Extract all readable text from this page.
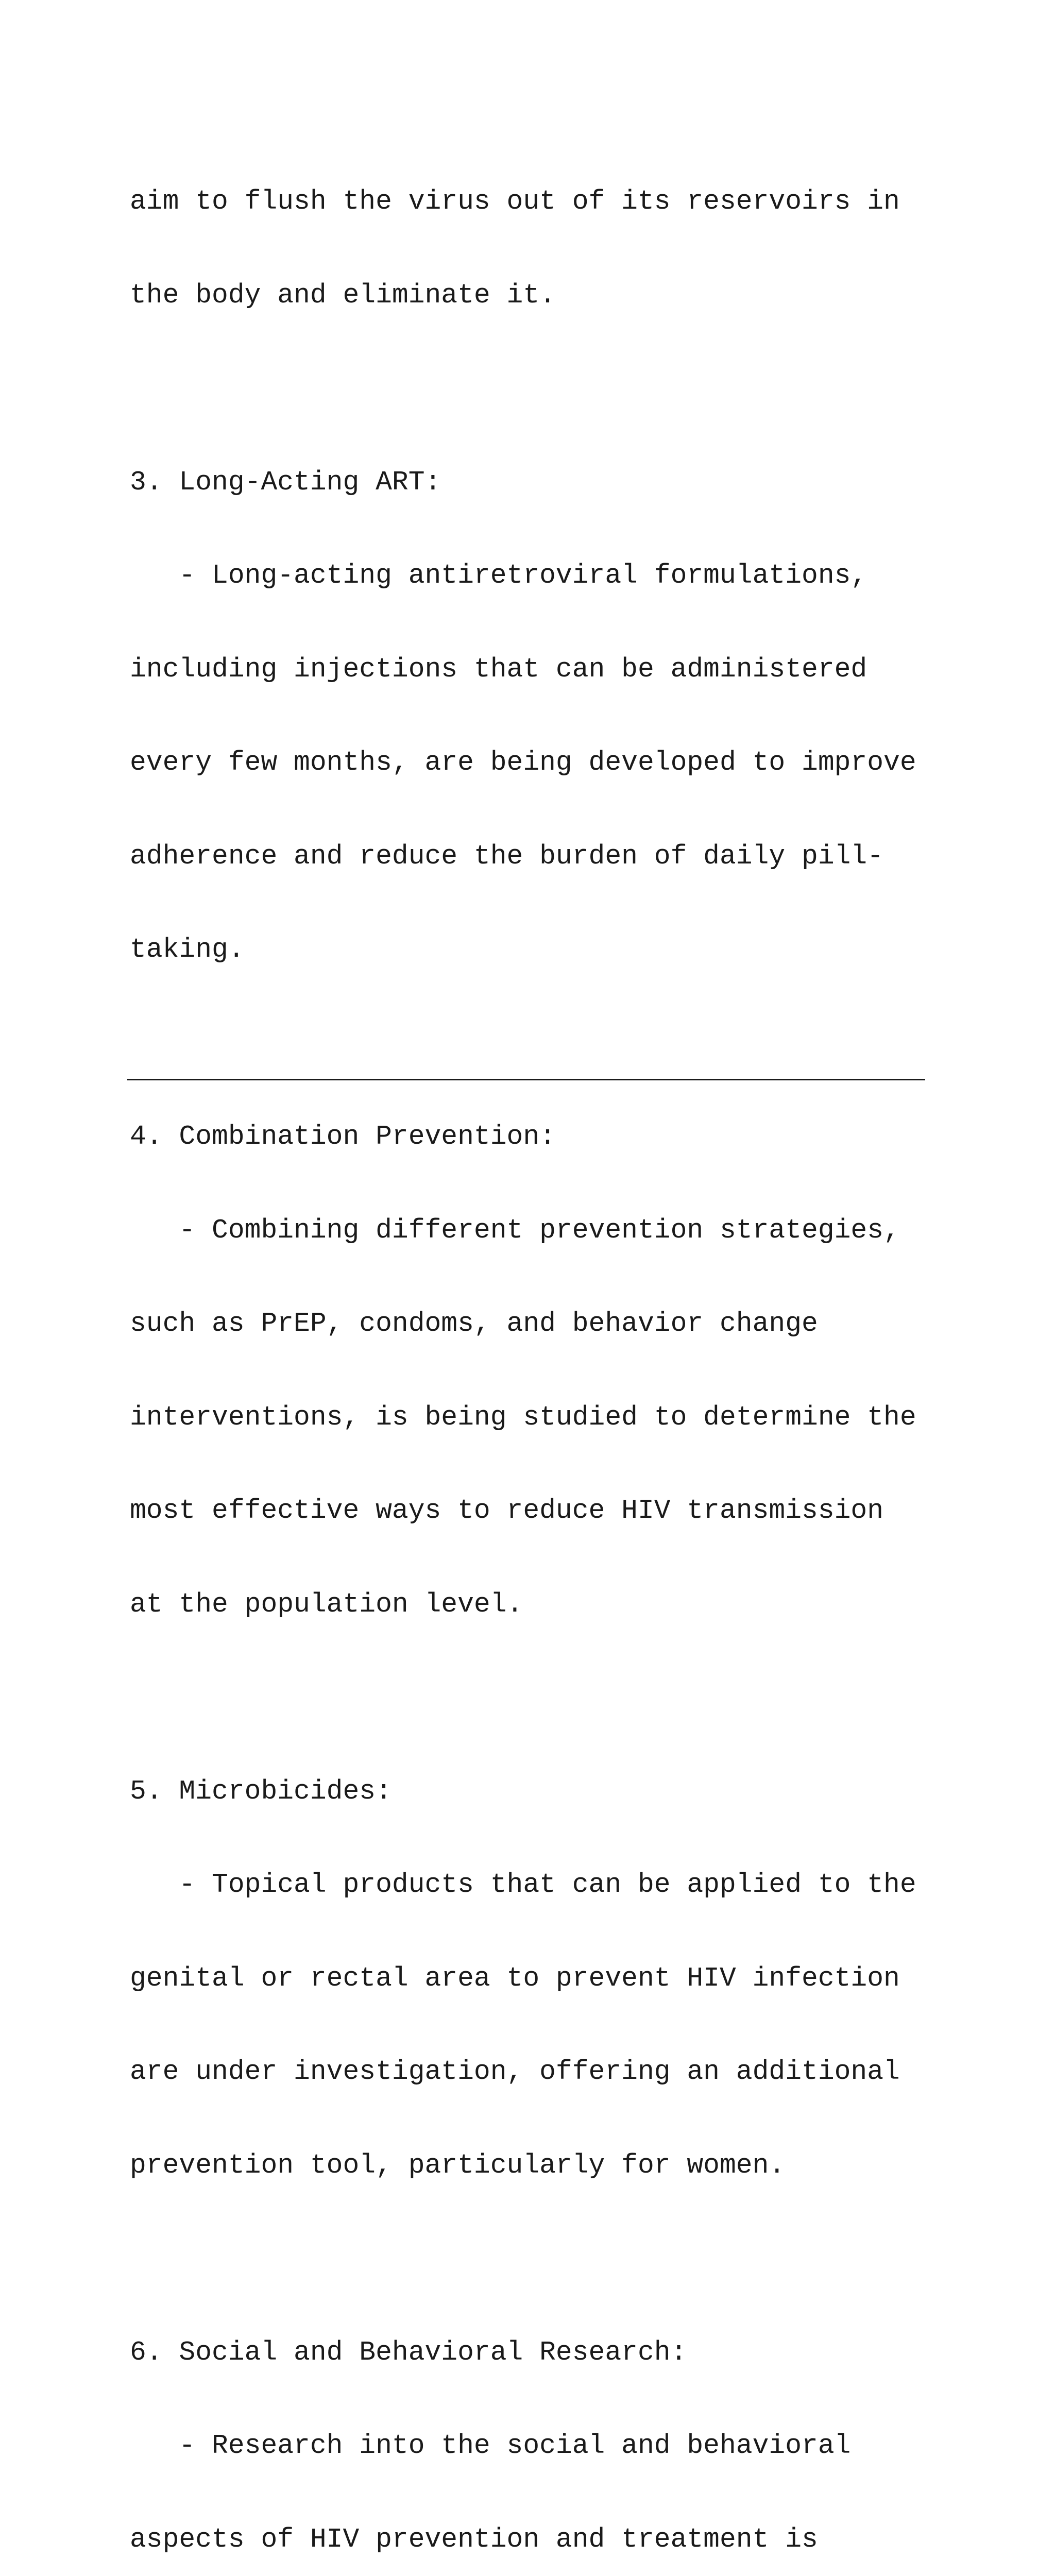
aim to flush the virus out of its reservoirs in

the body and eliminate it.

3. Long-Acting ART:

- Long-acting antiretroviral formulations,

including injections that can be administered

every few months, are being developed to improve

adherence and reduce the burden of daily pill-

taking.

4. Combination Prevention:

- Combining different prevention strategies,

such as PrEP, condoms, and behavior change

interventions, is being studied to determine the

most effective ways to reduce HIV transmission

at the population level.

5. Microbicides:

- Topical products that can be applied to the

genital or rectal area to prevent HIV infection

are under investigation, offering an additional

prevention tool, particularly for women.

6. Social and Behavioral Research:

- Research into the social and behavioral

aspects of HIV prevention and treatment is
